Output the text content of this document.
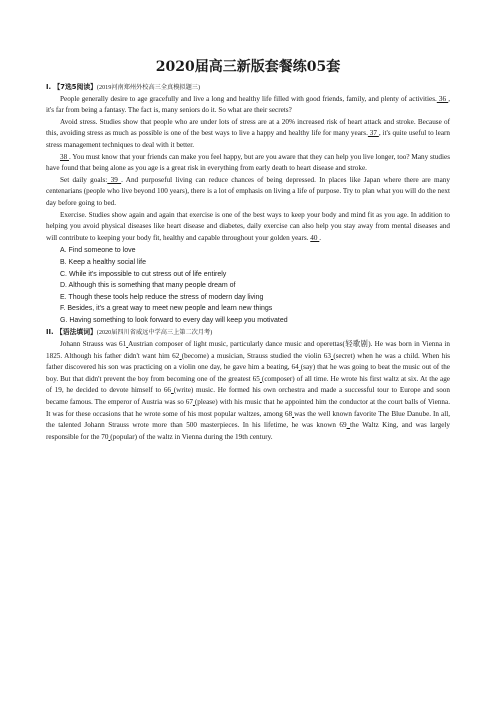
2020届高三新版套餐练05套
I. 【7选5阅读】(2019河南郑州外校高三全真模拟题三)

People generally desire to age gracefully and live a long and healthy life filled with good friends, family, and plenty of activities. 36 , it's far from being a fantasy. The fact is, many seniors do it. So what are their secrets?

Avoid stress. Studies show that people who are under lots of stress are at a 20% increased risk of heart attack and stroke. Because of this, avoiding stress as much as possible is one of the best ways to live a happy and healthy life for many years. 37 , it's quite useful to learn stress management techniques to deal with it better.

38 . You must know that your friends can make you feel happy, but are you aware that they can help you live longer, too? Many studies have found that being alone as you age is a great risk in everything from early death to heart disease and stroke.

Set daily goals: 39 . And purposeful living can reduce chances of being depressed. In places like Japan where there are many centenarians (people who live beyond 100 years), there is a lot of emphasis on living a life of purpose. Try to plan what you will do the next day before going to bed.

Exercise. Studies show again and again that exercise is one of the best ways to keep your body and mind fit as you age. In addition to helping you avoid physical diseases like heart disease and diabetes, daily exercise can also help you stay away from mental diseases and will contribute to keeping your body fit, healthy and capable throughout your golden years. 40 .

A. Find someone to love
B. Keep a healthy social life
C. While it's impossible to cut stress out of life entirely
D. Although this is something that many people dream of
E. Though these tools help reduce the stress of modern day living
F. Besides, it's a great way to meet new people and learn new things
G. Having something to look forward to every day will keep you motivated
II. 【语法填词】(2020届四川省威远中学高三上第二次月考)

Johann Strauss was 61 Austrian composer of light music, particularly dance music and operettas(轻歌剧). He was born in Vienna in 1825. Although his father didn't want him 62 (become) a musician, Strauss studied the violin 63 (secret) when he was a child. When his father discovered his son was practicing on a violin one day, he gave him a beating, 64 (say) that he was going to beat the music out of the boy. But that didn't prevent the boy from becoming one of the greatest 65 (composer) of all time. He wrote his first waltz at six. At the age of 19, he decided to devote himself to 66 (write) music. He formed his own orchestra and made a successful tour to Europe and soon became famous. The emperor of Austria was so 67 (please) with his music that he appointed him the conductor at the court balls of Vienna. It was for these occasions that he wrote some of his most popular waltzes, among 68 was the well known favorite The Blue Danube. In all, the talented Johann Strauss wrote more than 500 masterpieces. In his lifetime, he was known 69 the Waltz King, and was largely responsible for the 70 (popular) of the waltz in Vienna during the 19th century.
